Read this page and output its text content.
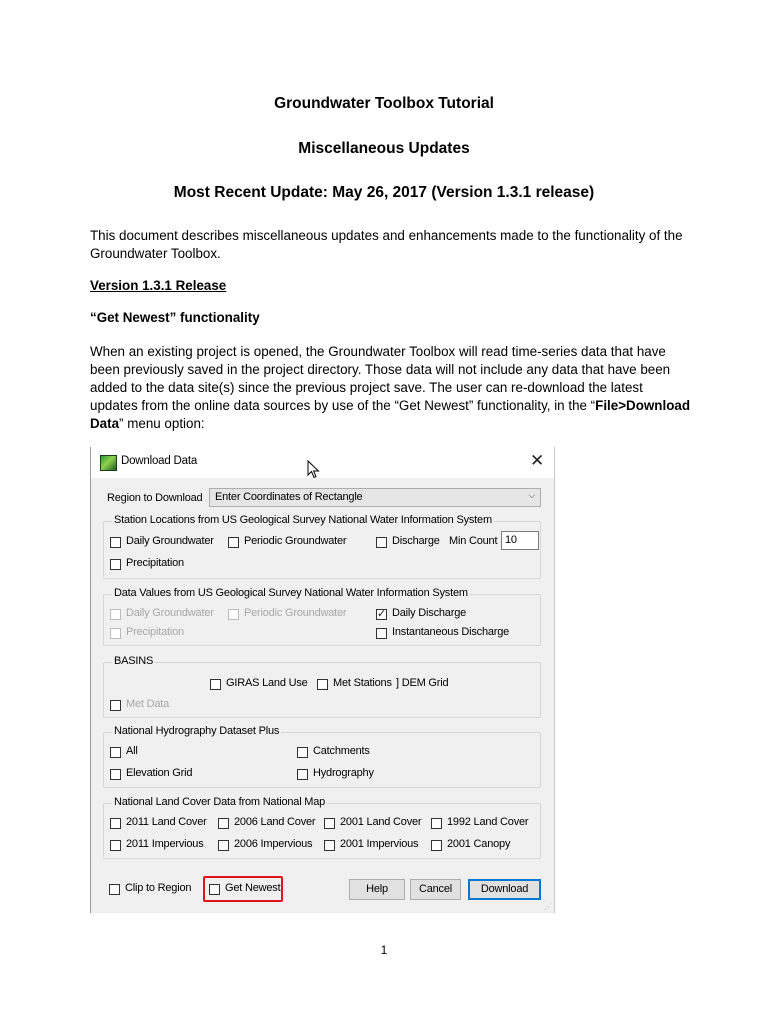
Groundwater Toolbox Tutorial
Miscellaneous Updates
Most Recent Update: May 26, 2017 (Version 1.3.1 release)
This document describes miscellaneous updates and enhancements made to the functionality of the Groundwater Toolbox.
Version 1.3.1 Release
“Get Newest” functionality
When an existing project is opened, the Groundwater Toolbox will read time-series data that have been previously saved in the project directory. Those data will not include any data that have been added to the data site(s) since the previous project save. The user can re-download the latest updates from the online data sources by use of the “Get Newest” functionality, in the “File>Download Data” menu option:
Download Data	✕
Region to Download Enter Coordinates of Rectangle	⌵
Station Locations from US Geological Survey National Water Information System
Daily Groundwater	Periodic Groundwater	Discharge Min Count 10
Precipitation
Data Values from US Geological Survey National Water Information System
Daily Groundwater	Periodic Groundwater	✓ Daily Discharge
Precipitation	Instantaneous Discharge
BASINS
GIRAS Land Use Met Stations ] DEM Grid
Met Data
National Hydrography Dataset Plus
All	Catchments
Elevation Grid	Hydrography
National Land Cover Data from National Map
2011 Land Cover 2006 Land Cover 2001 Land Cover 1992 Land Cover
2011 Impervious	2006 Impervious	2001 Impervious	2001 Canopy
Clip to Region	Get Newest	Help	Cancel	Download
⋰
1
